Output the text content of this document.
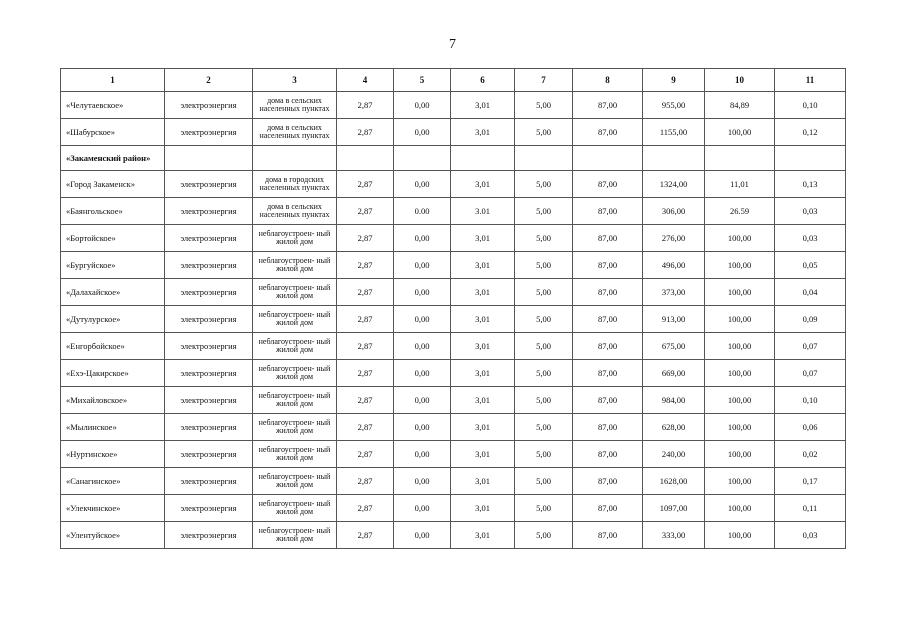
7
1	2	3	4	5	6	7	8	9	10	11
«Челутаевское»	электроэнергия	дома в сельских населенных пунктах	2,87	0,00	3,01	5,00	87,00	955,00	84,89	0,10
«Шабурское»	электроэнергия	дома в сельских населенных пунктах	2,87	0,00	3,01	5,00	87,00	1155,00	100,00	0,12
«Закаменский район»										
«Город Закаменск»	электроэнергия	дома в городских населенных пунктах	2,87	0,00	3,01	5,00	87,00	1324,00	11,01	0,13
«Баянгольское»	электроэнергия	дома в сельских населенных пунктах	2,87	0.00	3.01	5,00	87,00	306,00	26.59	0,03
«Бортойское»	электроэнергия	неблагоустроен- ный жилой дом	2,87	0,00	3,01	5,00	87,00	276,00	100,00	0,03
«Бургуйское»	электроэнергия	неблагоустроен- ный жилой дом	2,87	0,00	3,01	5,00	87,00	496,00	100,00	0,05
«Далахайское»	электроэнергия	неблагоустроен- ный жилой дом	2,87	0,00	3,01	5,00	87,00	373,00	100,00	0,04
«Дутулурское»	электроэнергия	неблагоустроен- ный жилой дом	2,87	0,00	3,01	5,00	87,00	913,00	100,00	0,09
«Енгорбойское»	электроэнергия	неблагоустроен- ный жилой дом	2,87	0,00	3,01	5,00	87,00	675,00	100,00	0,07
«Ехэ-Цакирское»	электроэнергия	неблагоустроен- ный жилой дом	2,87	0,00	3,01	5,00	87,00	669,00	100,00	0,07
«Михайловское»	электроэнергия	неблагоустроен- ный жилой дом	2,87	0,00	3,01	5,00	87,00	984,00	100,00	0,10
«Мылинское»	электроэнергия	неблагоустроен- ный жилой дом	2,87	0,00	3,01	5,00	87,00	628,00	100,00	0,06
«Нуртинское»	электроэнергия	неблагоустроен- ный жилой дом	2,87	0,00	3,01	5,00	87,00	240,00	100,00	0,02
«Санагинское»	электроэнергия	неблагоустроен- ный жилой дом	2,87	0,00	3,01	5,00	87,00	1628,00	100,00	0,17
«Улекчинское»	электроэнергия	неблагоустроен- ный жилой дом	2,87	0,00	3,01	5,00	87,00	1097,00	100,00	0,11
«Улентуйское»	электроэнергия	неблагоустроен- ный жилой дом	2,87	0,00	3,01	5,00	87,00	333,00	100,00	0,03
